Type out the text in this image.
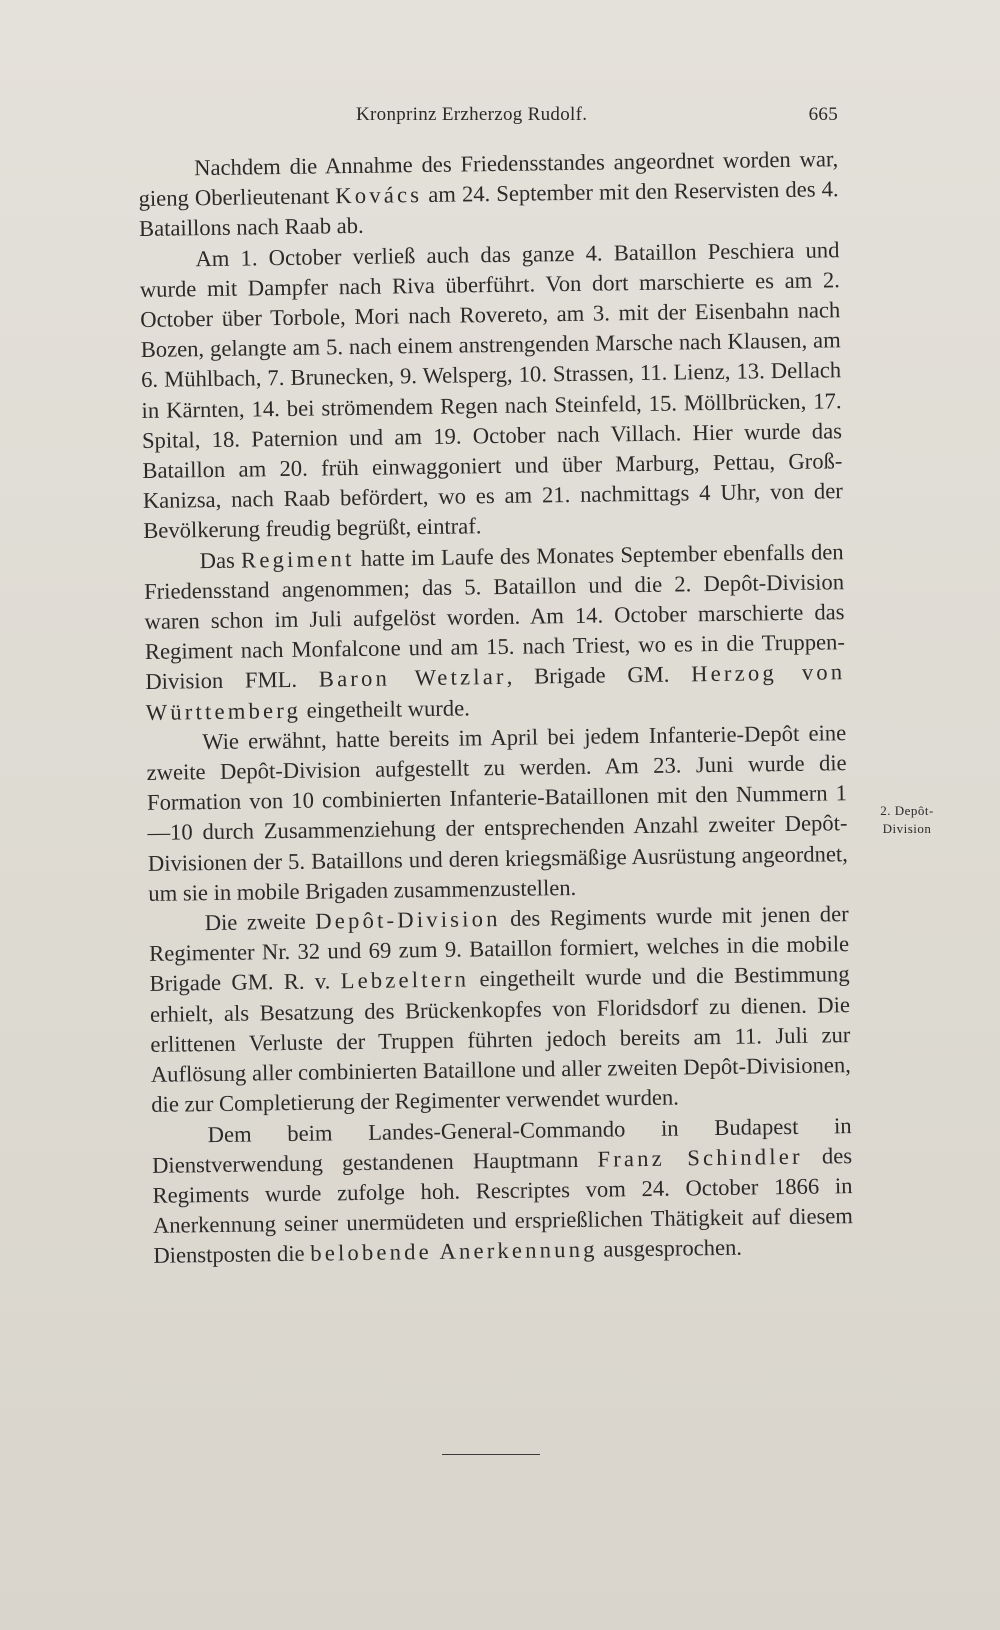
Kronprinz Erzherzog Rudolf.	665

Nachdem die Annahme des Friedensstandes angeordnet worden war, gieng Oberlieutenant Kovács am 24. September mit den Reservisten des 4. Bataillons nach Raab ab.

Am 1. October verließ auch das ganze 4. Bataillon Peschiera und wurde mit Dampfer nach Riva überführt. Von dort marschierte es am 2. October über Torbole, Mori nach Rovereto, am 3. mit der Eisenbahn nach Bozen, gelangte am 5. nach einem anstrengenden Marsche nach Klausen, am 6. Mühlbach, 7. Brunecken, 9. Welsperg, 10. Strassen, 11. Lienz, 13. Dellach in Kärnten, 14. bei strömendem Regen nach Steinfeld, 15. Möllbrücken, 17. Spital, 18. Paternion und am 19. October nach Villach. Hier wurde das Bataillon am 20. früh einwaggoniert und über Marburg, Pettau, Groß-Kanizsa, nach Raab befördert, wo es am 21. nachmittags 4 Uhr, von der Bevölkerung freudig begrüßt, eintraf.

Das Regiment hatte im Laufe des Monates September ebenfalls den Friedensstand angenommen; das 5. Bataillon und die 2. Depôt-Division waren schon im Juli aufgelöst worden. Am 14. October marschierte das Regiment nach Monfalcone und am 15. nach Triest, wo es in die Truppen-Division FML. Baron Wetzlar, Brigade GM. Herzog von Württemberg eingetheilt wurde.

Wie erwähnt, hatte bereits im April bei jedem Infanterie-Depôt eine zweite Depôt-Division aufgestellt zu werden. Am 23. Juni wurde die Formation von 10 combinierten Infanterie-Bataillonen mit den Nummern 1—10 durch Zusammenziehung der entsprechenden Anzahl zweiter Depôt-Divisionen der 5. Bataillons und deren kriegsmäßige Ausrüstung angeordnet, um sie in mobile Brigaden zusammenzustellen.

Die zweite Depôt-Division des Regiments wurde mit jenen der Regimenter Nr. 32 und 69 zum 9. Bataillon formiert, welches in die mobile Brigade GM. R. v. Lebzeltern eingetheilt wurde und die Bestimmung erhielt, als Besatzung des Brückenkopfes von Floridsdorf zu dienen. Die erlittenen Verluste der Truppen führten jedoch bereits am 11. Juli zur Auflösung aller combinierten Bataillone und aller zweiten Depôt-Divisionen, die zur Completierung der Regimenter verwendet wurden.

Dem beim Landes-General-Commando in Budapest in Dienstverwendung gestandenen Hauptmann Franz Schindler des Regiments wurde zufolge hoh. Rescriptes vom 24. October 1866 in Anerkennung seiner unermüdeten und ersprießlichen Thätigkeit auf diesem Dienstposten die belobende Anerkennung ausgesprochen.

2. Depôt-
Division
